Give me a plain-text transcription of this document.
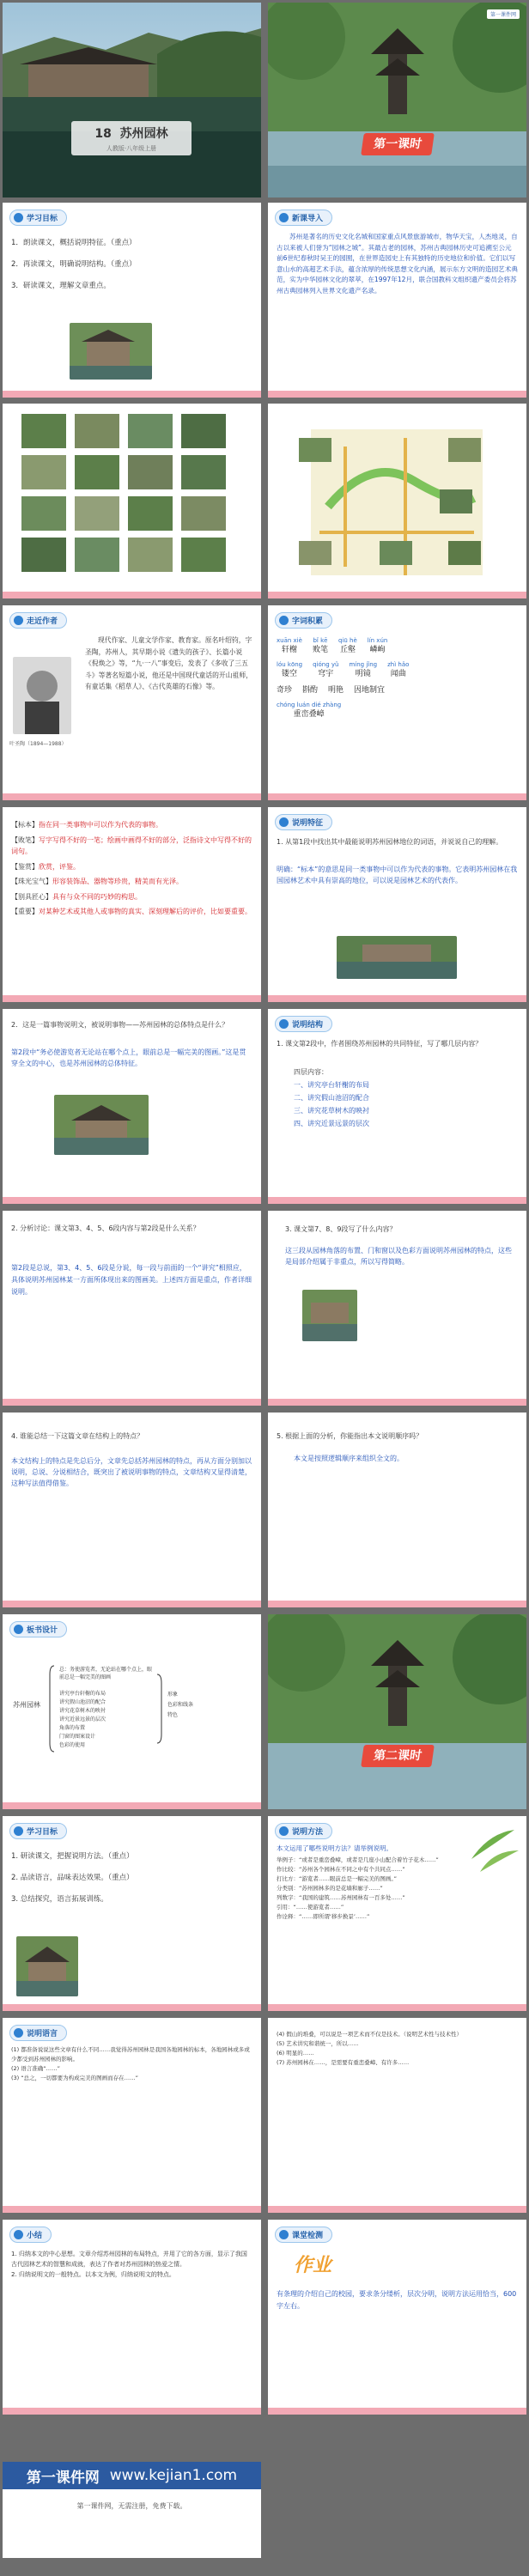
18 苏州园林
人教版·八年级上册	第一课时
第一课件网
学习目标
1．朗读课文，概括说明特征。（重点）
2．再读课文，明确说明结构。（重点）
3．研读课文，理解文章重点。
新课导入
苏州是著名的历史文化名城和国家重点风景旅游城市，物华天宝，人杰地灵，自古以来被人们誉为“园林之城”。其最古老的园林，苏州古典园林历史可追溯至公元前6世纪春秋时吴王的园囿，在世界造园史上有其独特的历史地位和价值。它们以写意山水的高超艺术手法，蕴含浓厚的传统思想文化内涵，展示东方文明的造园艺术典范，实为中华园林文化的翠萃，在1997年12月，联合国教科文组织遗产委员会将苏州古典园林列入世界文化遗产名录。
走近作者
叶圣陶（1894—1988）
现代作家、儿童文学作家、教育家。原名叶绍钧，字圣陶，苏州人，其早期小说《遗失的孩子》、长篇小说《倪焕之》等，“九·一八”事变后，发表了《多收了三五斗》等著名短篇小说，他还是中国现代童话的开山祖师，有童话集《稻草人》、《古代英雄的石像》等。
字词积累
xuān xiè
轩榭
bǐ kē
败笔
qiū hè
丘壑
lín xún
嶙峋
lóu kōng
镂空
qióng yǔ
穹宇
míng jǐng
明镜
zhì hǎo
闻曲
奇珍 斟酌 明艳 因地制宜
chóng luán dié zhàng
重峦叠嶂
【标本】指在同一类事物中可以作为代表的事物。
【败笔】写字写得不好的一笔；绘画中画得不好的部分，泛指诗文中写得不好的词句。
【鉴赏】欣赏，评鉴。
【珠光宝气】形容装饰品、器物等珍贵，精美而有光泽。
【别具匠心】具有与众不同的巧妙的构思。
【重要】对某种艺术或其他人或事物的真实、深刻理解后的评价，比如要重要。
说明特征
1. 从第1段中找出其中最能说明苏州园林地位的词语，并说说自己的理解。
明确：“标本”的意思是同一类事物中可以作为代表的事物。它表明苏州园林在我国园林艺术中具有崇高的地位，可以说是园林艺术的代表作。
2．这是一篇事物说明文，被说明事物——苏州园林的总体特点是什么？
第2段中“务必使游览者无论站在哪个点上，眼前总是一幅完美的图画。”这是贯穿全文的中心，也是苏州园林的总体特征。
说明结构
1. 课文第2段中，作者围绕苏州园林的共同特征，写了哪几层内容？
四层内容：
一、讲究亭台轩榭的布局
二、讲究假山池沼的配合
三、讲究花草树木的映衬
四、讲究近景远景的层次
2. 分析讨论：课文第3、4、5、6段内容与第2段是什么关系？
第2段是总说，第3、4、5、6段是分说，每一段与前面的一个“讲究”相照应，具体说明苏州园林某一方面所体现出来的图画美。上述四方面是重点，作者详细说明。
3. 课文第7、8、9段写了什么内容？
这三段从园林角落的布置、门和窗以及色彩方面说明苏州园林的特点，这些是局部介绍属于非重点，所以写得简略。
4. 谁能总结一下这篇文章在结构上的特点？
本文结构上的特点是先总后分，文章先总括苏州园林的特点，再从方面分别加以说明，总说、分说相结合，既突出了被说明事物的特点，文章结构又显得清楚，这种写法值得借鉴。
5. 根据上面的分析，你能指出本文说明顺序吗？
本文是按照逻辑顺序来组织全文的。
板书设计
苏州园林
总：务使游览者，无论站在哪个点上，眼前总是一幅完美的图画
讲究亭台轩榭的布局
讲究假山池沼的配合
讲究花草树木的映衬
讲究近景远景的层次
角落的布置
门窗的图案设计
色彩的使用
形象
色彩和线条
特色
第二课时
学习目标
1. 研读课文，把握说明方法。（重点）
2. 品读语言，品味表达效果。（重点）
3. 总结探究，语言拓展训练。
说明方法
本文运用了哪些说明方法？请举例说明。
举例子：“或者是重峦叠嶂，或者是几座小山配合着竹子花木……”
作比较：“苏州各个园林在不同之中有个共同点……”
打比方：“游览者……眼前总是一幅完美的图画。”
分类别：“苏州园林多的是花墙和廊子……”
列数字：“我国的建筑……苏州园林有一百多处……”
引用：“……使游览者……”
作诠释：“……即所谓‘移步换景’……”
说明语言
(1) 都准备说说这些文章有什么不同……我觉得苏州园林是我国各地园林的标本，各地园林或多或少都受到苏州园林的影响。
(2) 语言准确“……”
(3) “总之，一切都要为构成完美的图画而存在……”
(4) 假山的堆叠，可以说是一项艺术而不仅是技术。（说明艺术性与技术性）
(5) 艺术讲究和谐统一，所以……
(6) 明显的……
(7) 苏州园林在……，是需要有重峦叠嶂、有许多……
小结
1. 归纳本文的中心思想。文章介绍苏州园林的布局特点，并用了它的各方面，显示了我国古代园林艺术的智慧和成就，表达了作者对苏州园林的热爱之情。
2. 归纳说明文的一般特点。以本文为例，归纳说明文的特点。
课堂检测
作业
有条理的介绍自己的校园，要求条分缕析，层次分明，说明方法运用恰当，600字左右。
第一课件网
www.kejian1.com
第一课件网，无需注册，免费下载。
